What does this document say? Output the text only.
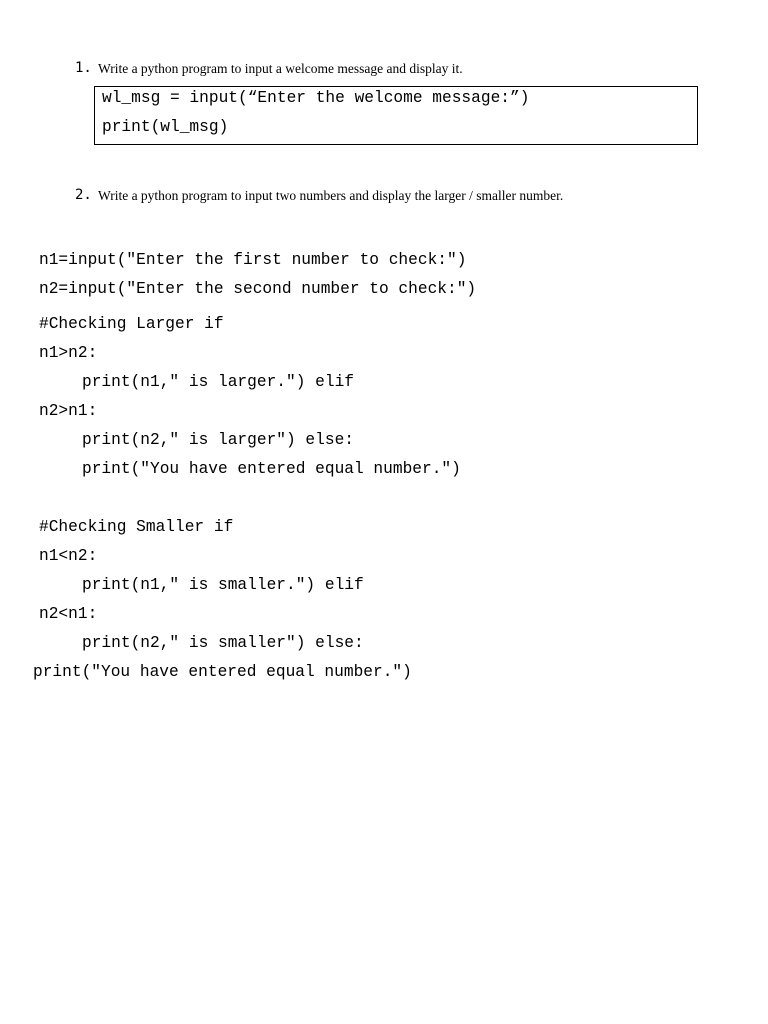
1. Write a python program to input a welcome message and display it.
wl_msg = input(“Enter the welcome message:”)
print(wl_msg)
2. Write a python program to input two numbers and display the larger / smaller number.
n1=input("Enter the first number to check:")
n2=input("Enter the second number to check:")
#Checking Larger if
n1>n2:
print(n1," is larger.") elif
n2>n1:
print(n2," is larger") else:
print("You have entered equal number.")
#Checking Smaller if
n1<n2:
print(n1," is smaller.") elif
n2<n1:
print(n2," is smaller") else:
print("You have entered equal number.")
